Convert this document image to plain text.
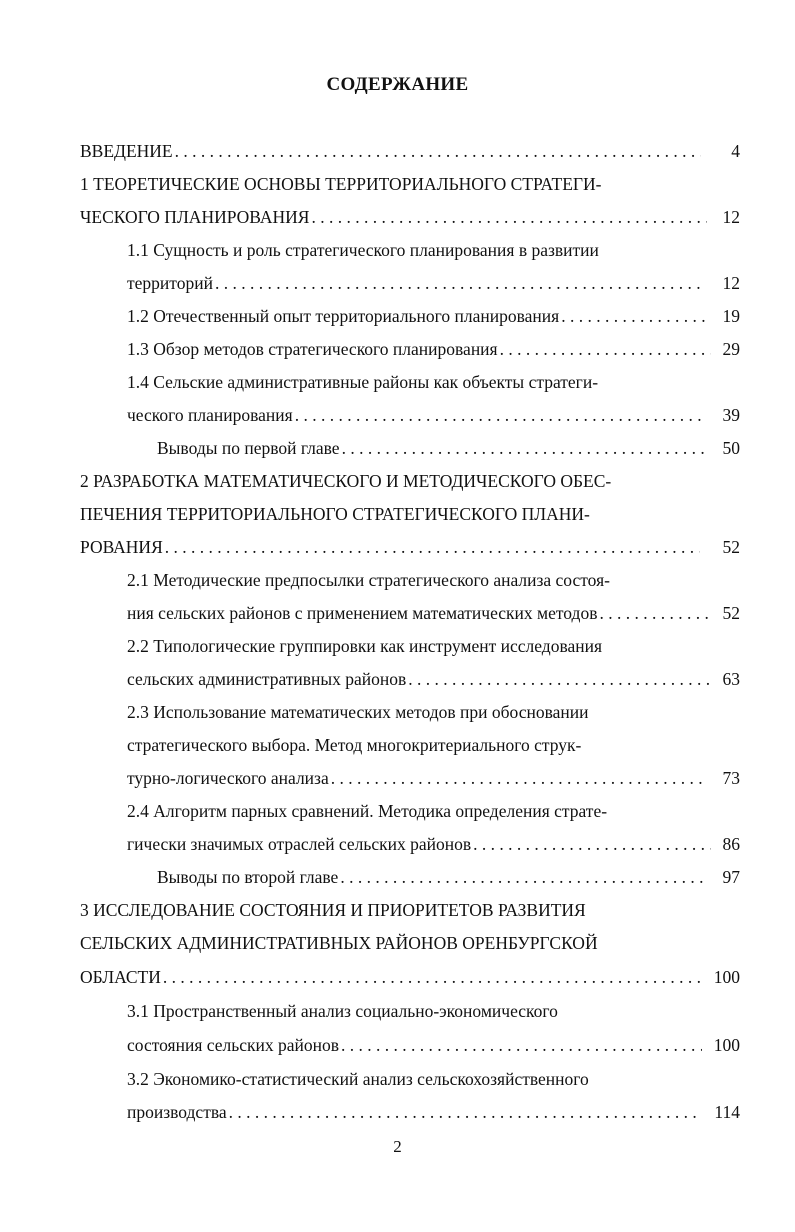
СОДЕРЖАНИЕ
ВВЕДЕНИЕ . . .	4
1 ТЕОРЕТИЧЕСКИЕ ОСНОВЫ ТЕРРИТОРИАЛЬНОГО СТРАТЕГИ-
ЧЕСКОГО ПЛАНИРОВАНИЯ . . .	12
1.1 Сущность и роль стратегического планирования в развитии
территорий . . .	12
1.2 Отечественный опыт территориального планирования . . .	19
1.3 Обзор методов стратегического планирования . . .	29
1.4 Сельские административные районы как объекты стратеги-
ческого планирования . . .	39
Выводы по первой главе . . .	50
2 РАЗРАБОТКА МАТЕМАТИЧЕСКОГО И МЕТОДИЧЕСКОГО ОБЕС-
ПЕЧЕНИЯ ТЕРРИТОРИАЛЬНОГО СТРАТЕГИЧЕСКОГО ПЛАНИ-
РОВАНИЯ . . .	52
2.1 Методические предпосылки стратегического анализа состоя-
ния сельских районов с применением математических методов . . .	52
2.2 Типологические группировки как инструмент исследования
сельских административных районов . . .	63
2.3 Использование математических методов при обосновании
стратегического выбора. Метод многокритериального струк-
турно-логического анализа . . .	73
2.4 Алгоритм парных сравнений. Методика определения страте-
гически значимых отраслей сельских районов . . .	86
Выводы по второй главе . . .	97
3 ИССЛЕДОВАНИЕ СОСТОЯНИЯ И ПРИОРИТЕТОВ РАЗВИТИЯ
СЕЛЬСКИХ АДМИНИСТРАТИВНЫХ РАЙОНОВ ОРЕНБУРГСКОЙ
ОБЛАСТИ . . .	100
3.1 Пространственный анализ социально-экономического
состояния сельских районов . . .	100
3.2 Экономико-статистический анализ сельскохозяйственного
производства . . .	114
2
